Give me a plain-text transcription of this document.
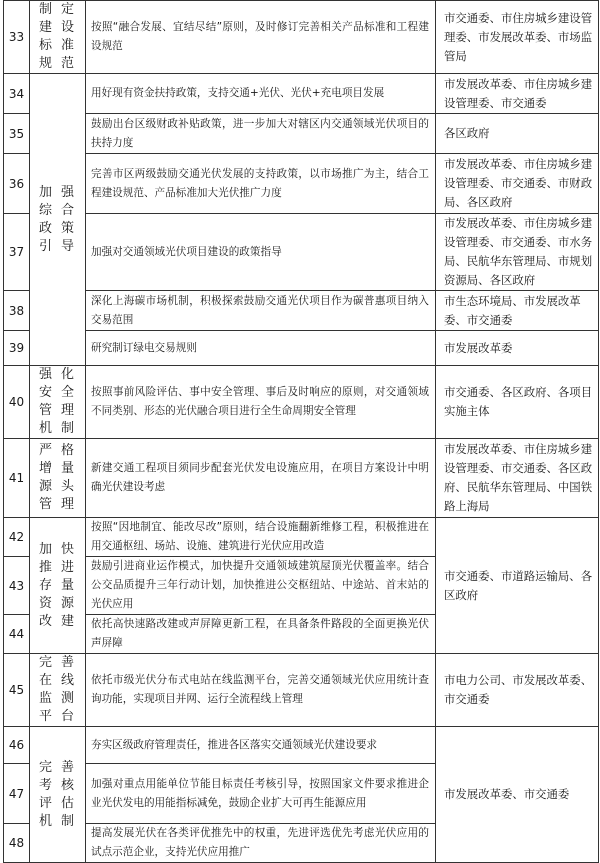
33	制定建设标准规范	按照“融合发展、宜结尽结”原则，及时修订完善相关产品标准和工程建设规范	市交通委、市住房城乡建设管理委、市发展改革委、市场监管局
34	加强综合政策引导	用好现有资金扶持政策，支持交通+光伏、光伏+充电项目发展	市发展改革委、市住房城乡建设管理委、市交通委
35		鼓励出台区级财政补贴政策，进一步加大对辖区内交通领域光伏项目的扶持力度	各区政府
36		完善市区两级鼓励交通光伏发展的支持政策，以市场推广为主，结合工程建设规范、产品标准加大光伏推广力度	市发展改革委、市住房城乡建设管理委、市交通委、市财政局、各区政府
37		加强对交通领域光伏项目建设的政策指导	市发展改革委、市住房城乡建设管理委、市交通委、市水务局、民航华东管理局、市规划资源局、各区政府
38		深化上海碳市场机制，积极探索鼓励交通光伏项目作为碳普惠项目纳入交易范围	市生态环境局、市发展改革委、市交通委
39		研究制订绿电交易规则	市发展改革委
40	强化安全管理机制	按照事前风险评估、事中安全管理、事后及时响应的原则，对交通领域不同类别、形态的光伏融合项目进行全生命周期安全管理	市交通委、各区政府、各项目实施主体
41	严格增量源头管理	新建交通工程项目须同步配套光伏发电设施应用，在项目方案设计中明确光伏建设考虑	市发展改革委、市住房城乡建设管理委、市交通委、各区政府、民航华东管理局、中国铁路上海局
42	加快推进存量资源改建	按照“因地制宜、能改尽改”原则，结合设施翻新维修工程，积极推进在用交通枢纽、场站、设施、建筑进行光伏应用改造	市交通委、市道路运输局、各区政府
43		鼓励引进商业运作模式，加快提升交通领域建筑屋顶光伏覆盖率。结合公交品质提升三年行动计划，加快推进公交枢纽站、中途站、首末站的光伏应用	
44		依托高快速路改建或声屏障更新工程，在具备条件路段的全面更换光伏声屏障	
45	完善在线监测平台	依托市级光伏分布式电站在线监测平台，完善交通领域光伏应用统计查询功能，实现项目并网、运行全流程线上管理	市电力公司、市发展改革委、市交通委
46	完善考核评估机制	夯实区级政府管理责任，推进各区落实交通领域光伏建设要求	市发展改革委、市交通委
47		加强对重点用能单位节能目标责任考核引导，按照国家文件要求推进企业光伏发电的用能指标减免，鼓励企业扩大可再生能源应用	
48		提高发展光伏在各类评优推先中的权重，先进评选优先考虑光伏应用的试点示范企业，支持光伏应用推广	
